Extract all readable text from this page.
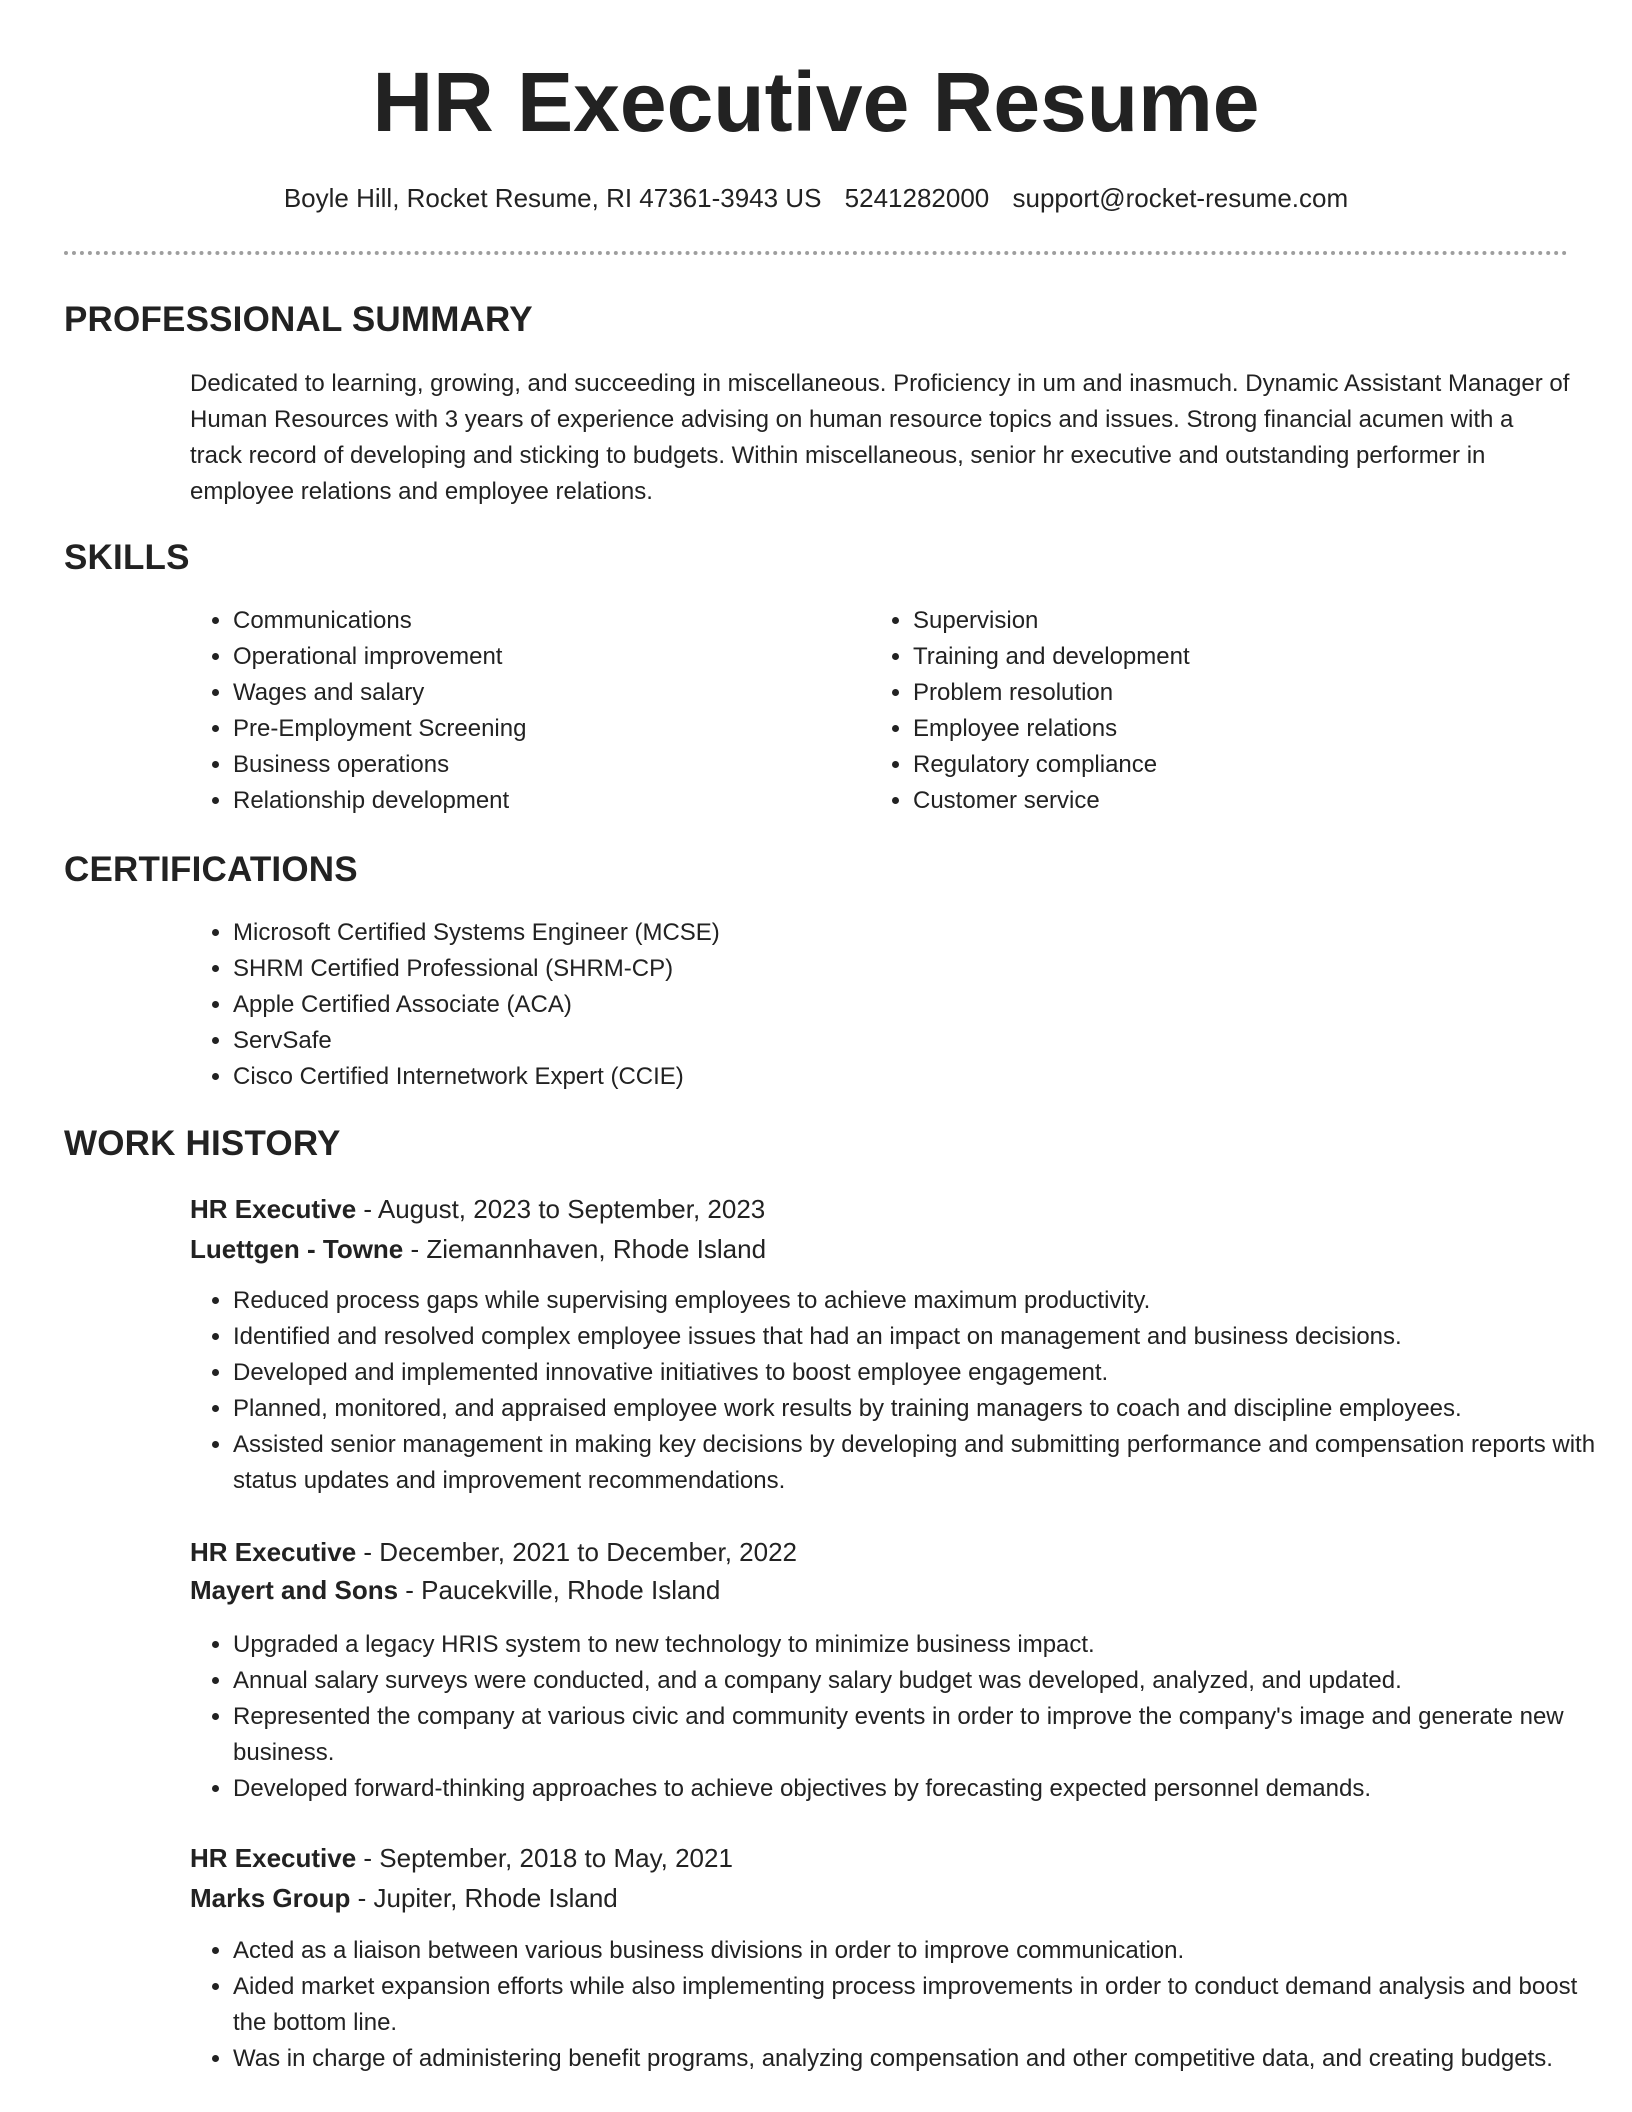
HR Executive Resume
Boyle Hill, Rocket Resume, RI 47361-3943 US 5241282000 support@rocket-resume.com
PROFESSIONAL SUMMARY

Dedicated to learning, growing, and succeeding in miscellaneous. Proficiency in um and inasmuch. Dynamic Assistant Manager of Human Resources with 3 years of experience advising on human resource topics and issues. Strong financial acumen with a track record of developing and sticking to budgets. Within miscellaneous, senior hr executive and outstanding performer in employee relations and employee relations.

SKILLS
• Communications
• Operational improvement
• Wages and salary
• Pre-Employment Screening
• Business operations
• Relationship development
• Supervision
• Training and development
• Problem resolution
• Employee relations
• Regulatory compliance
• Customer service
CERTIFICATIONS
• Microsoft Certified Systems Engineer (MCSE)
• SHRM Certified Professional (SHRM-CP)
• Apple Certified Associate (ACA)
• ServSafe
• Cisco Certified Internetwork Expert (CCIE)
WORK HISTORY
HR Executive - August, 2023 to September, 2023
Luettgen - Towne - Ziemannhaven, Rhode Island
• Reduced process gaps while supervising employees to achieve maximum productivity.
• Identified and resolved complex employee issues that had an impact on management and business decisions.
• Developed and implemented innovative initiatives to boost employee engagement.
• Planned, monitored, and appraised employee work results by training managers to coach and discipline employees.
• Assisted senior management in making key decisions by developing and submitting performance and compensation reports with status updates and improvement recommendations.
HR Executive - December, 2021 to December, 2022
Mayert and Sons - Paucekville, Rhode Island
• Upgraded a legacy HRIS system to new technology to minimize business impact.
• Annual salary surveys were conducted, and a company salary budget was developed, analyzed, and updated.
• Represented the company at various civic and community events in order to improve the company's image and generate new business.
• Developed forward-thinking approaches to achieve objectives by forecasting expected personnel demands.
HR Executive - September, 2018 to May, 2021
Marks Group - Jupiter, Rhode Island
• Acted as a liaison between various business divisions in order to improve communication.
• Aided market expansion efforts while also implementing process improvements in order to conduct demand analysis and boost the bottom line.
• Was in charge of administering benefit programs, analyzing compensation and other competitive data, and creating budgets.
